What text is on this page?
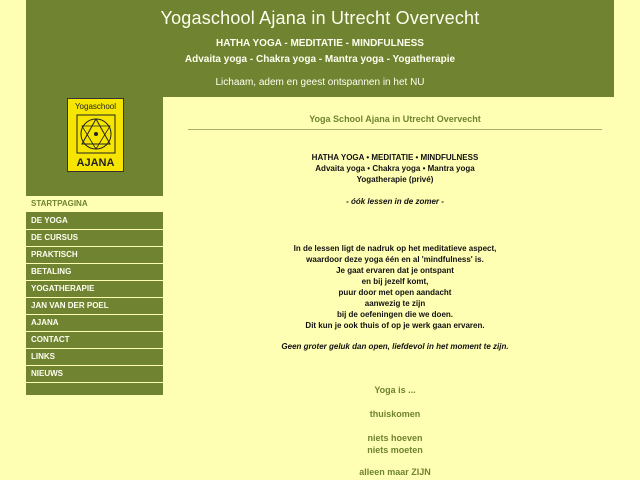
Yogaschool Ajana in Utrecht Overvecht
HATHA YOGA - MEDITATIE - MINDFULNESS
Advaita yoga - Chakra yoga - Mantra yoga - Yogatherapie
Lichaam, adem en geest ontspannen in het NU
Yogaschool
AJANA
STARTPAGINA
DE YOGA
DE CURSUS
PRAKTISCH
BETALING
YOGATHERAPIE
JAN VAN DER POEL
AJANA
CONTACT
LINKS
NIEUWS
Yoga School Ajana in Utrecht Overvecht
HATHA YOGA • MEDITATIE • MINDFULNESS
Advaita yoga • Chakra yoga • Mantra yoga
Yogatherapie (privé)
- óók lessen in de zomer -
In de lessen ligt de nadruk op het meditatieve aspect,
waardoor deze yoga één en al 'mindfulness' is.
Je gaat ervaren dat je ontspant
en bij jezelf komt,
puur door met open aandacht
aanwezig te zijn
bij de oefeningen die we doen.
Dit kun je ook thuis of op je werk gaan ervaren.
Geen groter geluk dan open, liefdevol in het moment te zijn.
Yoga is ...
thuiskomen
niets hoeven
niets moeten
alleen maar ZIJN
